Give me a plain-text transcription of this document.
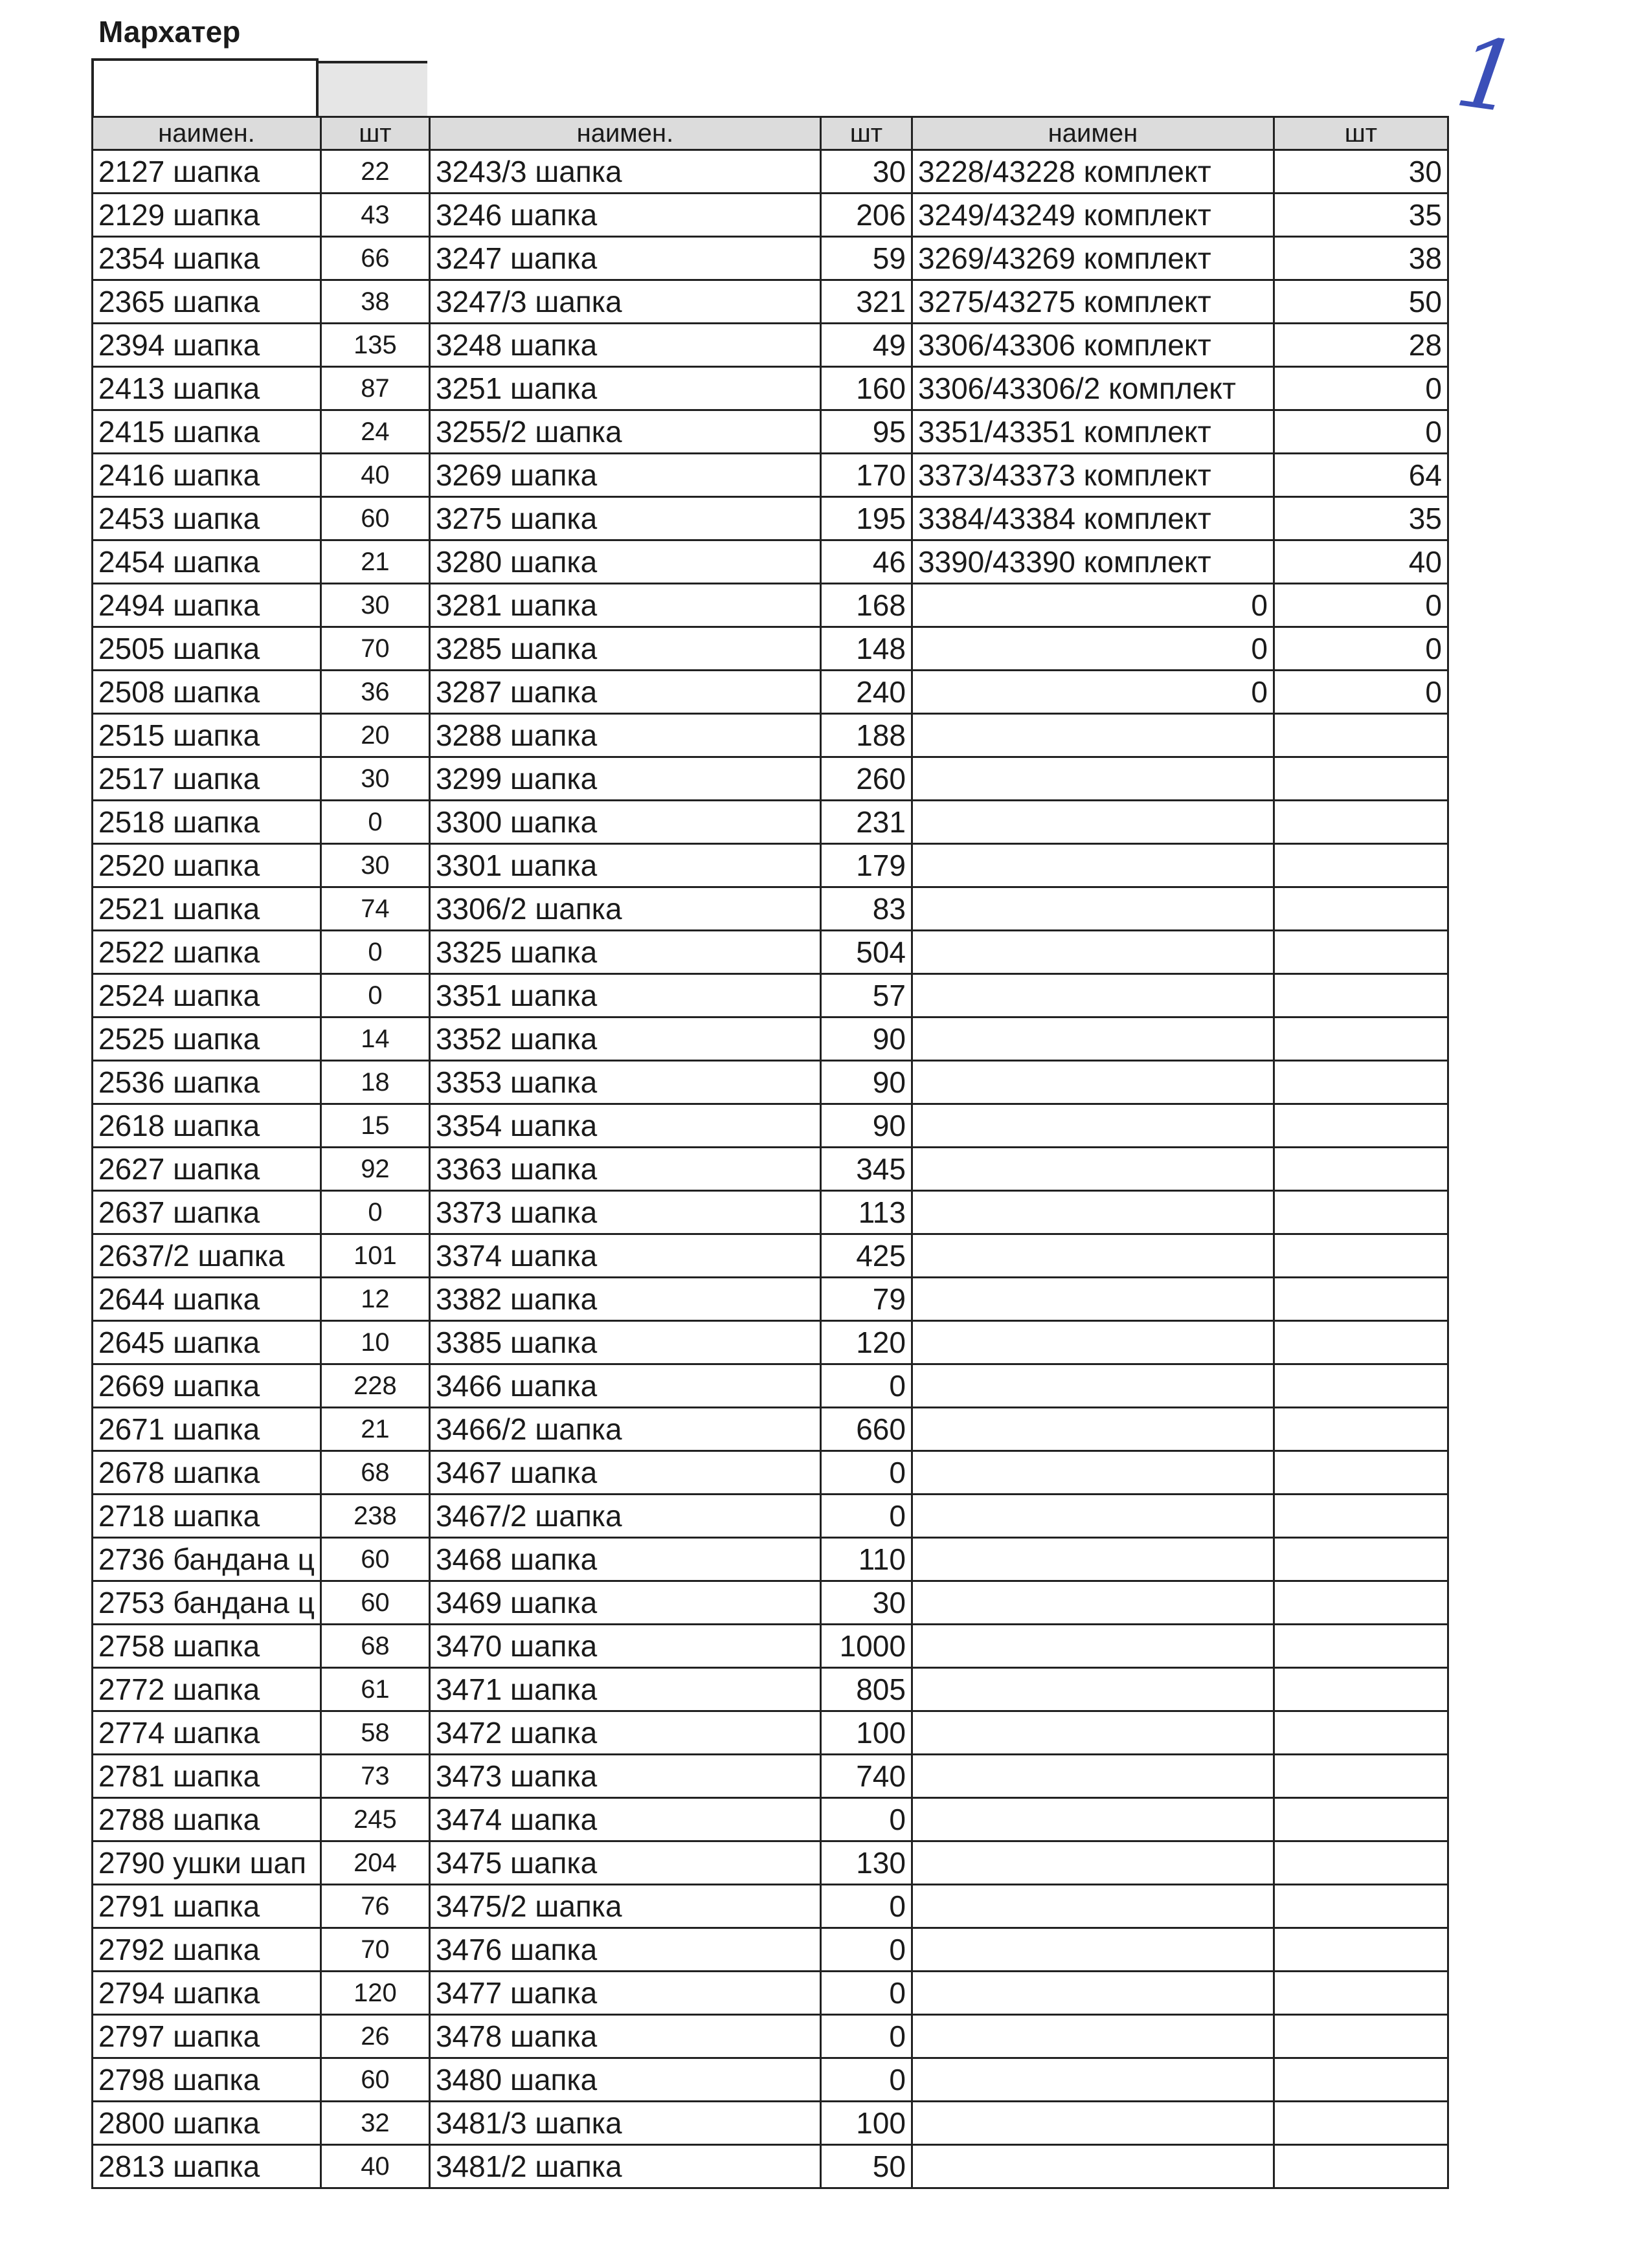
Мархатер	1
наимен.	шт	наимен.	шт	наимен	шт
2127 шапка	22	3243/3 шапка	30	3228/43228 комплект	30
2129 шапка	43	3246 шапка	206	3249/43249 комплект	35
2354 шапка	66	3247 шапка	59	3269/43269 комплект	38
2365 шапка	38	3247/3 шапка	321	3275/43275 комплект	50
2394 шапка	135	3248 шапка	49	3306/43306 комплект	28
2413 шапка	87	3251 шапка	160	3306/43306/2 комплект	0
2415 шапка	24	3255/2 шапка	95	3351/43351 комплект	0
2416 шапка	40	3269 шапка	170	3373/43373 комплект	64
2453 шапка	60	3275 шапка	195	3384/43384 комплект	35
2454 шапка	21	3280 шапка	46	3390/43390 комплект	40
2494 шапка	30	3281 шапка	168	0	0
2505 шапка	70	3285 шапка	148	0	0
2508 шапка	36	3287 шапка	240	0	0
2515 шапка	20	3288 шапка	188		
2517 шапка	30	3299 шапка	260		
2518 шапка	0	3300 шапка	231		
2520 шапка	30	3301 шапка	179		
2521 шапка	74	3306/2 шапка	83		
2522 шапка	0	3325 шапка	504		
2524 шапка	0	3351 шапка	57		
2525 шапка	14	3352 шапка	90		
2536 шапка	18	3353 шапка	90		
2618 шапка	15	3354 шапка	90		
2627 шапка	92	3363 шапка	345		
2637 шапка	0	3373 шапка	113		
2637/2 шапка	101	3374 шапка	425		
2644 шапка	12	3382 шапка	79		
2645 шапка	10	3385 шапка	120		
2669 шапка	228	3466 шапка	0		
2671 шапка	21	3466/2 шапка	660		
2678 шапка	68	3467 шапка	0		
2718 шапка	238	3467/2 шапка	0		
2736 бандана ц	60	3468 шапка	110		
2753 бандана ц	60	3469 шапка	30		
2758 шапка	68	3470 шапка	1000		
2772 шапка	61	3471 шапка	805		
2774 шапка	58	3472 шапка	100		
2781 шапка	73	3473 шапка	740		
2788 шапка	245	3474 шапка	0		
2790 ушки шап	204	3475 шапка	130		
2791 шапка	76	3475/2 шапка	0		
2792 шапка	70	3476 шапка	0		
2794 шапка	120	3477 шапка	0		
2797 шапка	26	3478 шапка	0		
2798 шапка	60	3480 шапка	0		
2800 шапка	32	3481/3 шапка	100		
2813 шапка	40	3481/2 шапка	50		
